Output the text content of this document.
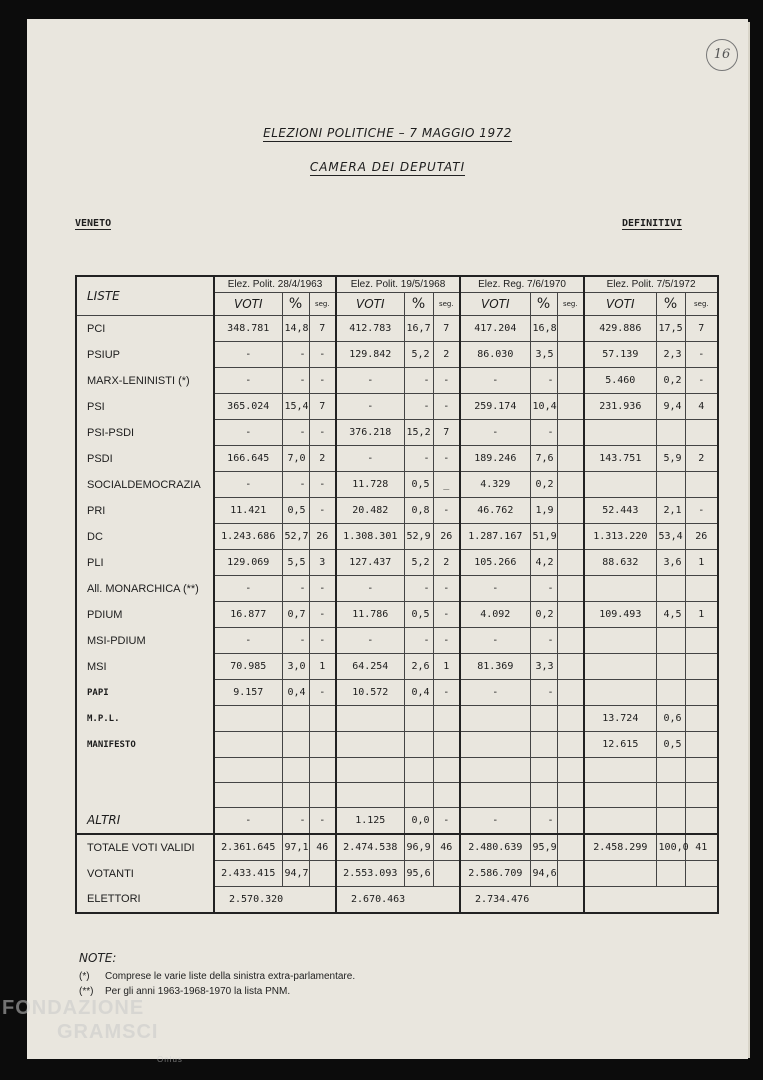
16
ELEZIONI POLITICHE – 7 MAGGIO 1972
CAMERA DEI DEPUTATI
VENETO	DEFINITIVI
LISTE	Elez. Polit. 28/4/1963			Elez. Polit. 19/5/1968			Elez. Reg. 7/6/1970			Elez. Polit. 7/5/1972		
	VOTI	%	seg.	VOTI	%	seg.	VOTI	%	seg.	VOTI	%	seg.
PCI	348.781	14,8	7	412.783	16,7	7	417.204	16,8		429.886	17,5	7
PSIUP	-	-	-	129.842	5,2	2	86.030	3,5		57.139	2,3	-
MARX-LENINISTI (*)	-	-	-	-	-	-	-	-		5.460	0,2	-
PSI	365.024	15,4	7	-	-	-	259.174	10,4		231.936	9,4	4
PSI-PSDI	-	-	-	376.218	15,2	7	-	-				
PSDI	166.645	7,0	2	-	-	-	189.246	7,6		143.751	5,9	2
SOCIALDEMOCRAZIA	-	-	-	11.728	0,5	_	4.329	0,2				
PRI	11.421	0,5	-	20.482	0,8	-	46.762	1,9		52.443	2,1	-
DC	1.243.686	52,7	26	1.308.301	52,9	26	1.287.167	51,9		1.313.220	53,4	26
PLI	129.069	5,5	3	127.437	5,2	2	105.266	4,2		88.632	3,6	1
All. MONARCHICA (**)	-	-	-	-	-	-	-	-				
PDIUM	16.877	0,7	-	11.786	0,5	-	4.092	0,2		109.493	4,5	1
MSI-PDIUM	-	-	-	-	-	-	-	-				
MSI	70.985	3,0	1	64.254	2,6	1	81.369	3,3				
PAPI	9.157	0,4	-	10.572	0,4	-	-	-				
M.P.L.										13.724	0,6	
MANIFESTO										12.615	0,5	

ALTRI	-	-	-	1.125	0,0	-	-	-				
TOTALE VOTI VALIDI	2.361.645	97,1	46	2.474.538	96,9	46	2.480.639	95,9		2.458.299	100,0	41
VOTANTI	2.433.415	94,7		2.553.093	95,6		2.586.709	94,6				
ELETTORI	2.570.320			2.670.463			2.734.476					
NOTE:
(*)	Comprese le varie liste della sinistra extra-parlamentare.
(**)	Per gli anni 1963-1968-1970 la lista PNM.
FONDAZIONE
GRAMSCI
Onlus
